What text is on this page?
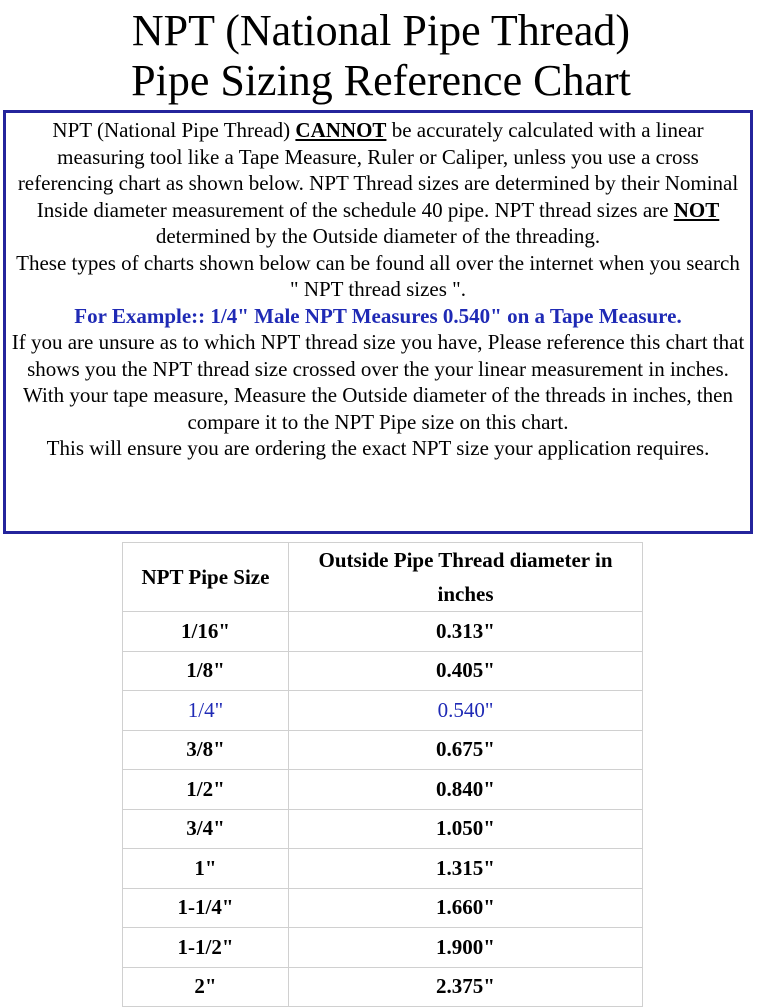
NPT (National Pipe Thread)
Pipe Sizing Reference Chart

NPT (National Pipe Thread) CANNOT be accurately calculated with a linear measuring tool like a Tape Measure, Ruler or Caliper, unless you use a cross referencing chart as shown below. NPT Thread sizes are determined by their Nominal Inside diameter measurement of the schedule 40 pipe. NPT thread sizes are NOT determined by the Outside diameter of the threading.

These types of charts shown below can be found all over the internet when you search " NPT thread sizes ".

For Example:: 1/4" Male NPT Measures 0.540" on a Tape Measure.

If you are unsure as to which NPT thread size you have, Please reference this chart that shows you the NPT thread size crossed over the your linear measurement in inches.

With your tape measure, Measure the Outside diameter of the threads in inches, then compare it to the NPT Pipe size on this chart.

This will ensure you are ordering the exact NPT size your application requires.

NPT Pipe Size	Outside Pipe Thread diameter in inches
1/16"	0.313"
1/8"	0.405"
1/4"	0.540"
3/8"	0.675"
1/2"	0.840"
3/4"	1.050"
1"	1.315"
1-1/4"	1.660"
1-1/2"	1.900"
2"	2.375"
